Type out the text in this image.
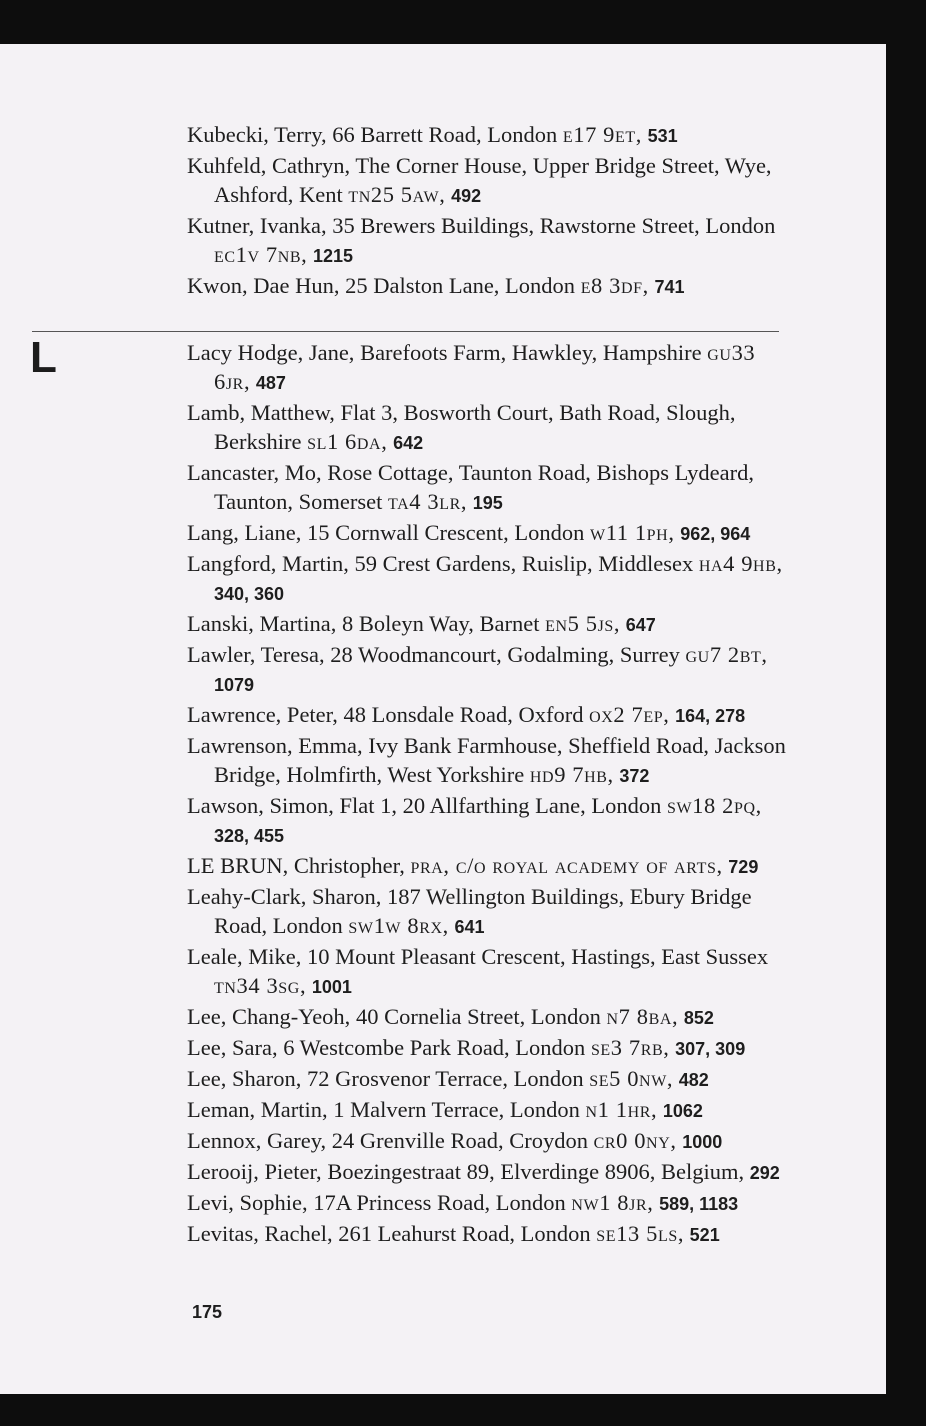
Kubecki, Terry, 66 Barrett Road, London e17 9et, 531
Kuhfeld, Cathryn, The Corner House, Upper Bridge Street, Wye, Ashford, Kent tn25 5aw, 492
Kutner, Ivanka, 35 Brewers Buildings, Rawstorne Street, London ec1v 7nb, 1215
Kwon, Dae Hun, 25 Dalston Lane, London e8 3df, 741
L	Lacy Hodge, Jane, Barefoots Farm, Hawkley, Hampshire gu33 6jr, 487
Lamb, Matthew, Flat 3, Bosworth Court, Bath Road, Slough, Berkshire sl1 6da, 642
Lancaster, Mo, Rose Cottage, Taunton Road, Bishops Lydeard, Taunton, Somerset ta4 3lr, 195
Lang, Liane, 15 Cornwall Crescent, London w11 1ph, 962, 964
Langford, Martin, 59 Crest Gardens, Ruislip, Middlesex ha4 9hb, 340, 360
Lanski, Martina, 8 Boleyn Way, Barnet en5 5js, 647
Lawler, Teresa, 28 Woodmancourt, Godalming, Surrey gu7 2bt, 1079
Lawrence, Peter, 48 Lonsdale Road, Oxford ox2 7ep, 164, 278
Lawrenson, Emma, Ivy Bank Farmhouse, Sheffield Road, Jackson Bridge, Holmfirth, West Yorkshire hd9 7hb, 372
Lawson, Simon, Flat 1, 20 Allfarthing Lane, London sw18 2pq, 328, 455
LE BRUN, Christopher, pra, c/o royal academy of arts, 729
Leahy-Clark, Sharon, 187 Wellington Buildings, Ebury Bridge Road, London sw1w 8rx, 641
Leale, Mike, 10 Mount Pleasant Crescent, Hastings, East Sussex tn34 3sg, 1001
Lee, Chang-Yeoh, 40 Cornelia Street, London n7 8ba, 852
Lee, Sara, 6 Westcombe Park Road, London se3 7rb, 307, 309
Lee, Sharon, 72 Grosvenor Terrace, London se5 0nw, 482
Leman, Martin, 1 Malvern Terrace, London n1 1hr, 1062
Lennox, Garey, 24 Grenville Road, Croydon cr0 0ny, 1000
Lerooij, Pieter, Boezingestraat 89, Elverdinge 8906, Belgium, 292
Levi, Sophie, 17A Princess Road, London nw1 8jr, 589, 1183
Levitas, Rachel, 261 Leahurst Road, London se13 5ls, 521
175
